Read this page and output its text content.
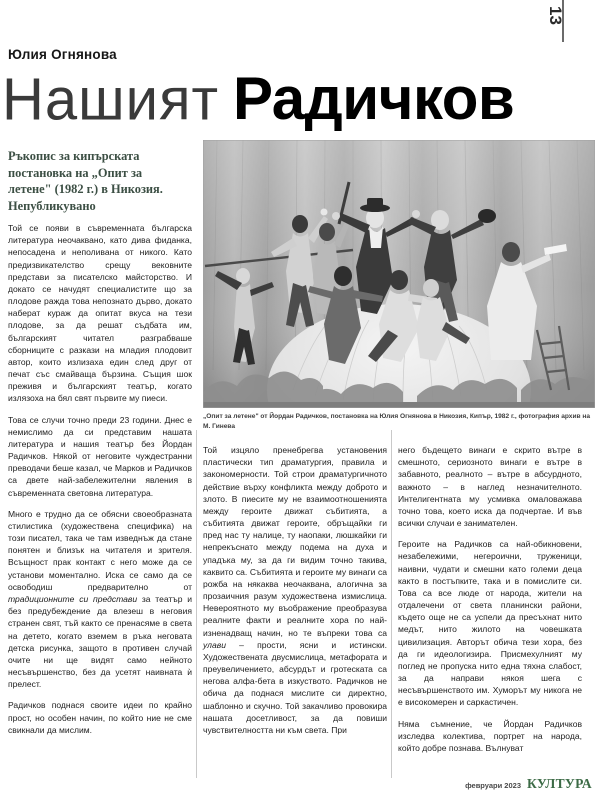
13
Юлия Огнянова
Нашият Радичков
Ръкопис за кипърската постановка на „Опит за летене" (1982 г.) в Никозия. Непубликувано
„Опит за летене" от Йордан Радичков, постановка на Юлия Огнянова в Никозия, Кипър, 1982 г., фотография архив на М. Гинева

Той се появи в съвременната българска литература неочаквано, като дива фиданка, непосадена и неполивана от никого. Като предизвикателство срещу вековните представи за писателско майсторство. И докато се начудят специалистите що за плодове ражда това непознато дърво, докато наберат кураж да опитат вкуса на тези плодове, за да решат съдбата им, българският читател разграбваше сборниците с разкази на младия плодовит автор, които излизаха един след друг от печат със смайваща бързина. Същия шок преживя и българският театър, когато излязоха на бял свят първите му пиеси.

Това се случи точно преди 23 години. Днес е немислимо да си представим нашата литература и нашия театър без Йордан Радичков. Някой от неговите чуждестранни преводачи беше казал, че Марков и Радичков са двете най-забележителни явления в съвременната световна литература.

Много е трудно да се обясни своеобразната стилистика (художествена специфика) на този писател, така че там изведнъж да стане понятен и близък на читателя и зрителя. Всъщност прак контакт с него може да се установи моментално. Иска се само да се освободиш предварително от традиционните си представи за театър и без предубеждение да влезеш в неговия странен свят, тъй както се пренасяме в света на детето, когато вземем в ръка неговата детска рисунка, защото в противен случай очите ни ще видят само нейното несъвършенство, без да усетят наивната ѝ прелест.

Радичков поднася своите идеи по крайно прост, но особен начин, по който ние не сме свикнали да мислим.

Той изцяло пренебрегва установения пластически тип драматургия, правила и закономерности. Той строи драматургичното действие върху конфликта между доброто и злото. В пиесите му не взаимоотношенията между героите движат събитията, а събитията движат героите, обръщайки ги пред нас ту налице, ту наопаки, люшкайки ги непрекъснато между подема на духа и упадъка му, за да ги видим точно такива, каквито са. Събитията и героите му винаги са рожба на някаква неочаквана, алогична за прозаичния разум художествена измислица. Невероятното му въображение преобразува реалните факти и реалните хора по най-изненадващ начин, но те въпреки това са улави – прости, ясни и истински. Художествената двусмислица, метафората и преувеличението, абсурдът и гротеската са негова алфа-бета в изкуството. Радичков не обича да поднася мислите си директно, шаблонно и скучно. Той закачливо провокира нашата досетливост, за да повиши чувствителността ни към света. При

него бъдещето винаги е скрито вътре в смешното, сериозното винаги е вътре в забавното, реалното – вътре в абсурдното, важното – в наглед незначителното. Интелигентната му усмивка омаловажава точно това, което иска да подчертае. И във всички случаи е занимателен.

Героите на Радичков са най-обикновени, незабележими, негероични, труженици, наивни, чудати и смешни като големи деца както в постъпките, така и в помислите си. Това са все люде от народа, жители на отдалечени от света планински райони, където още не са успели да пресъхнат нито медът, нито жилото на човешката цивилизация. Авторът обича тези хора, без да ги идеологизира. Присмехулният му поглед не пропуска нито една тяхна слабост, за да направи някоя шега с несъвършенството им. Хуморът му никога не е високомерен и саркастичен.

Няма съмнение, че Йордан Радичков изследва колектива, портрет на народа, който добре познава. Вълнуват

февруари 2023 КУЛТУРА
